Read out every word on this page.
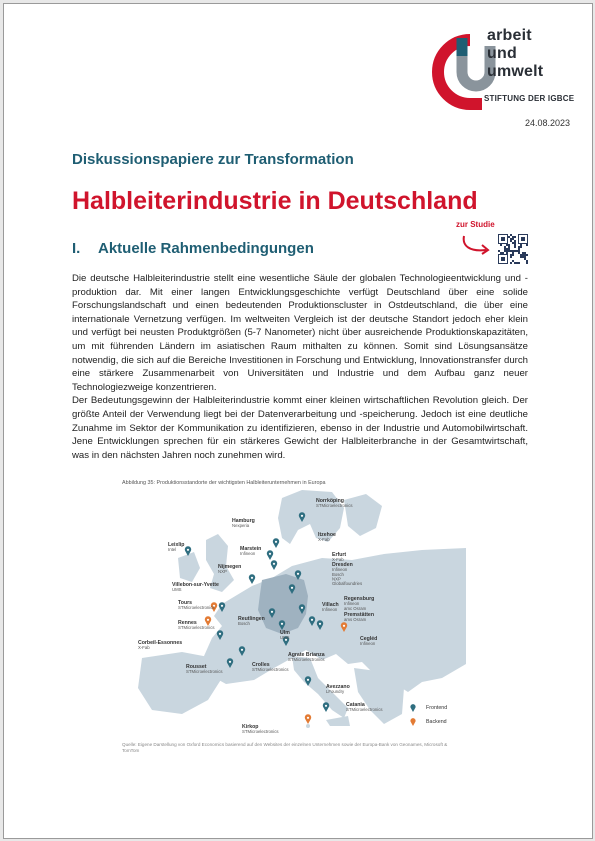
arbeit
und
umwelt
STIFTUNG DER IGBCE
24.08.2023
Diskussionspapiere zur Transformation
Halbleiterindustrie in Deutschland
zur Studie
I. Aktuelle Rahmenbedingungen

Die deutsche Halbleiterindustrie stellt eine wesentliche Säule der globalen Technologieentwicklung und -produktion dar. Mit einer langen Entwicklungsgeschichte verfügt Deutschland über eine solide Forschungslandschaft und einen bedeutenden Produktionscluster in Ostdeutschland, die über eine internationale Vernetzung verfügen. Im weltweiten Vergleich ist der deutsche Standort jedoch eher klein und verfügt bei neusten Produktgrößen (5-7 Nanometer) nicht über ausreichende Produktionskapazitäten, um mit führenden Ländern im asiatischen Raum mithalten zu können. Somit sind Lösungsansätze notwendig, die sich auf die Bereiche Investitionen in Forschung und Entwicklung, Innovationstransfer durch eine stärkere Zusammenarbeit von Universitäten und Industrie und dem Aufbau ganz neuer Technologiezweige konzentrieren.

Der Bedeutungsgewinn der Halbleiterindustrie kommt einer kleinen wirtschaftlichen Revolution gleich. Der größte Anteil der Verwendung liegt bei der Datenverarbeitung und -speicherung. Jedoch ist eine deutliche Zunahme im Sektor der Kommunikation zu identifizieren, ebenso in der Industrie und Automobilwirtschaft. Jene Entwicklungen sprechen für ein stärkeres Gewicht der Halbleiterbranche in der Gesamtwirtschaft, was in den nächsten Jahren noch zunehmen wird.

Abbildung 35: Produktionsstandorte der wichtigsten Halbleiterunternehmen in Europa
Norrköping
STMicroelectronics
Hamburg
Nexperia
Itzehoe
X-Fab
Leixlip
Intel	Marstein
Infineon	Erfurt
X-Fab
Nijmegen
NXP
Dresden
Infineon
Bosch
NXP
Globalfoundries
Villebon-sur-Yvette
UMS
Regensburg
Infineon
amc Osram
Tours
STMicroelectronics	Villach
Infineon
Rennes
STMicroelectronics
Reutlingen
Bosch
Premstätten
ams Osram
Ulm
UMS
Corbeil-Essonnes
X-Fab
Cegléd
Infineon
Agrate Brianza
STMicroelectronics
Rousset
STMicroelectronics
Crolles
STMicroelectronics
Avezzano
LFoundry
Catania
STMicroelectronics
Kirkop
STMicroelectronics
Frontend
Backend
Quelle: Eigene Darstellung von Oxford Economics basierend auf den Websites der einzelnen Unternehmen sowie der Europa-Bank von Geonames, Microsoft & TomTom
